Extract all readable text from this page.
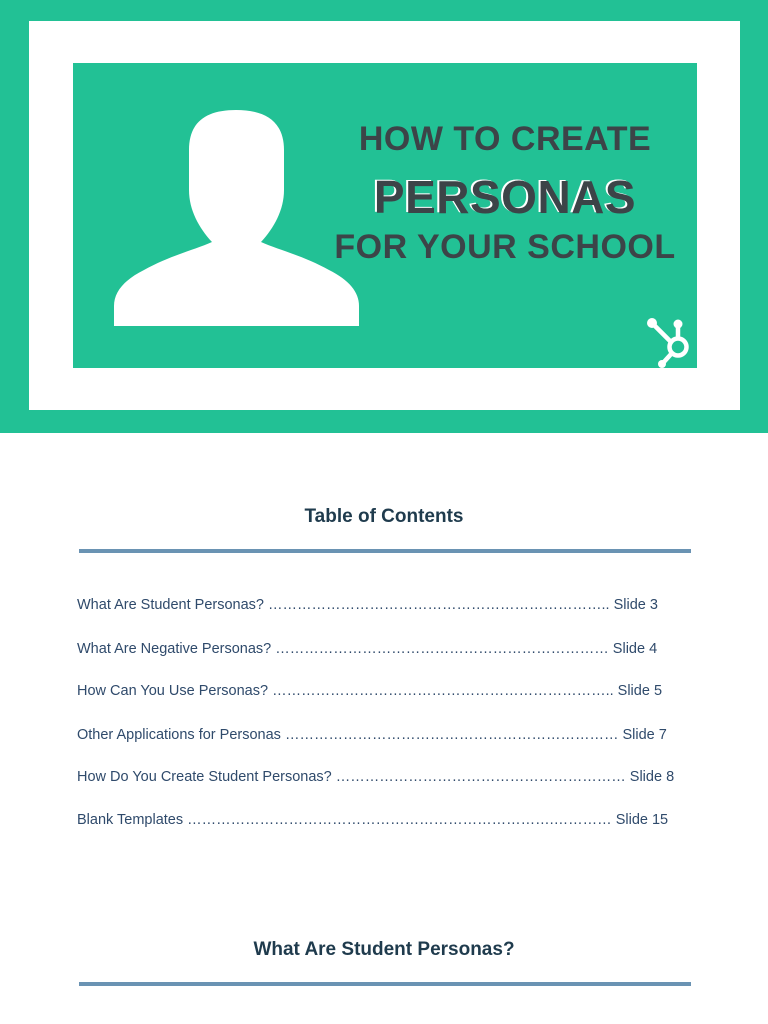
HOW TO CREATE
PERSONAS
FOR YOUR SCHOOL
Table of Contents
What Are Student Personas? …………………………………………………………….. Slide 3
What Are Negative Personas? …………………………………………………………… Slide 4
How Can You Use Personas? …………………………………………………………….. Slide 5
Other Applications for Personas …………………………………………………………… Slide 7
How Do You Create Student Personas? …………………………………………………… Slide 8
Blank Templates ………………………………………………………………….………… Slide 15
What Are Student Personas?
